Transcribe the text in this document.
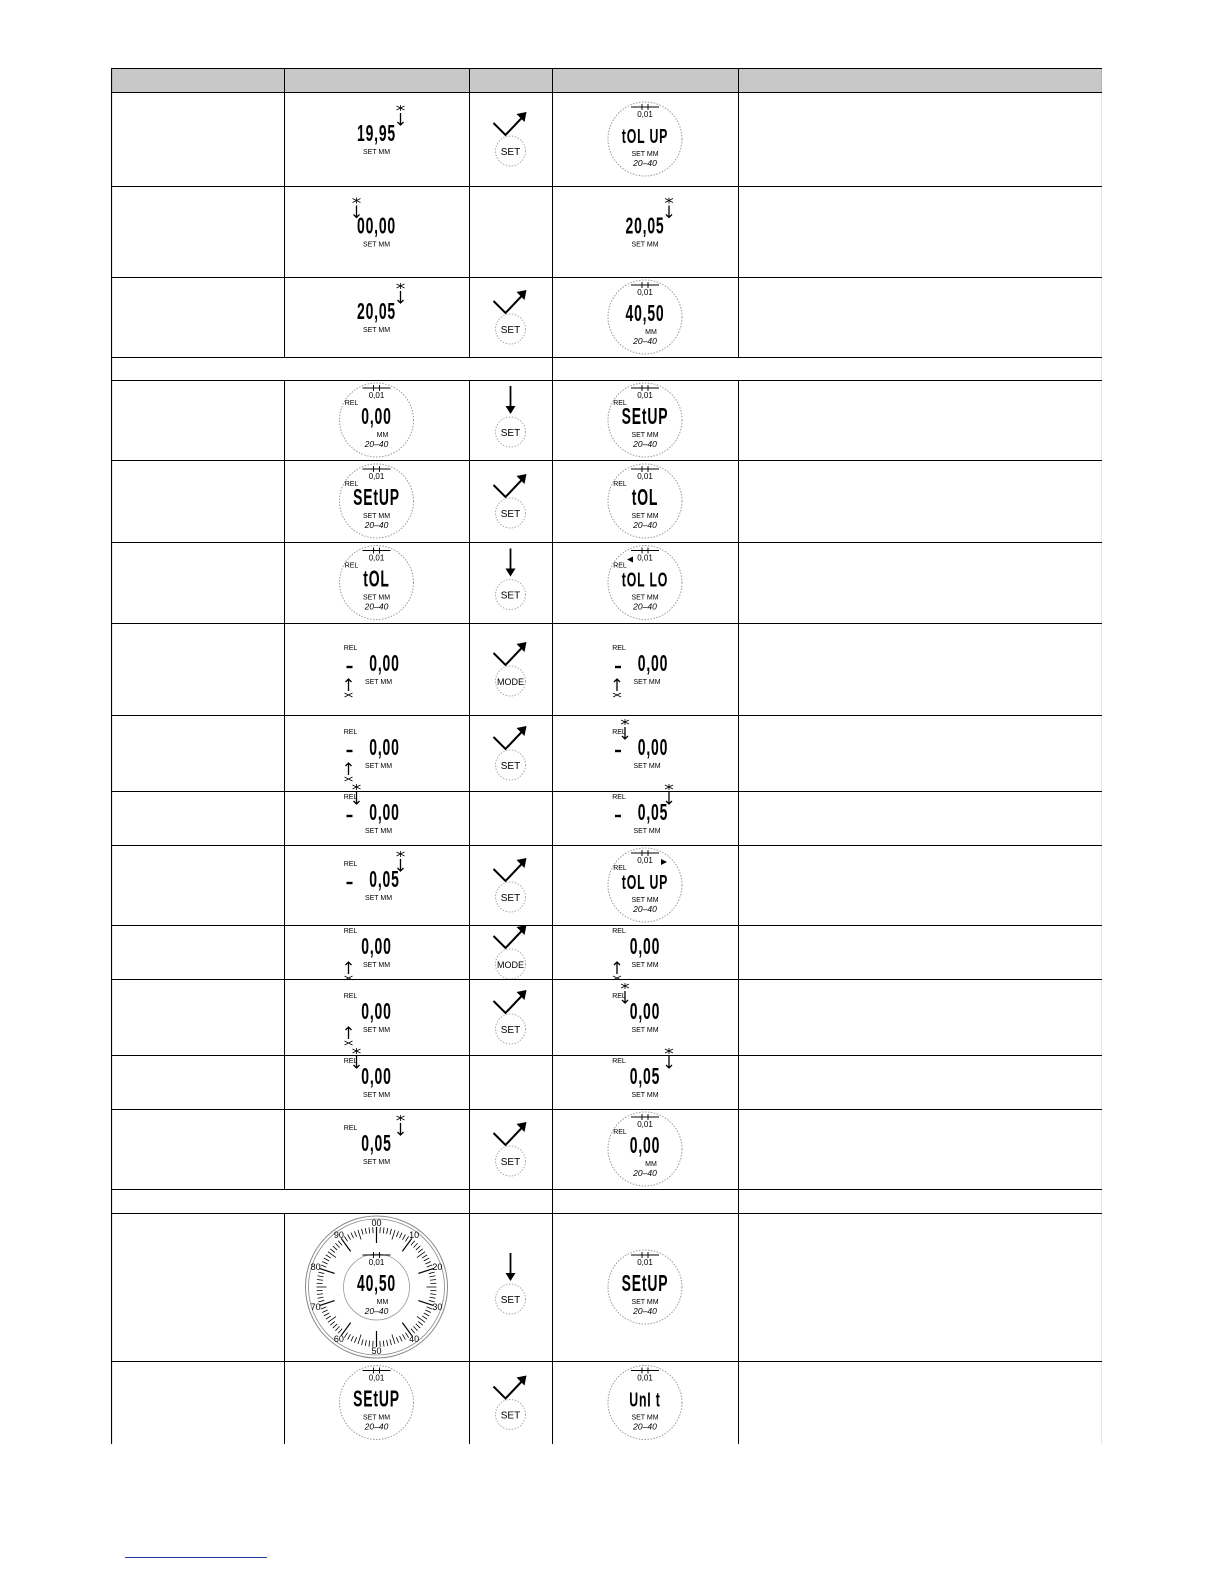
19,95
SET MM
0,01
tOL UP
SET MM
20–40
SET
00,00
SET MM
20,05
SET MM
20,05
SET MM
0,01
40,50
MM
20–40
SET
0,01
REL
0,00
MM
20–40
0,01
REL
SEtUP
SET MM
20–40
SET
0,01
REL
SEtUP
SET MM
20–40
0,01
REL
tOL
SET MM
20–40
SET
0,01
REL
tOL
SET MM
20–40
0,01
REL
tOL LO
SET MM
20–40
SET
REL
0,00
SET MM
REL
0,00
SET MM
MODE
REL
0,00
SET MM
REL
0,00
SET MM
SET
REL
0,00
SET MM
REL
0,05
SET MM
REL
0,05
SET MM
0,01
REL
tOL UP
SET MM
20–40
SET
REL
0,00
SET MM
REL
0,00
SET MM
MODE
REL
0,00
SET MM
REL
0,00
SET MM
SET
REL
0,00
SET MM
REL
0,05
SET MM
REL
0,05
SET MM
0,01
REL
0,00
MM
20–40
SET
00
10
20
30
40
50
60
70
80
90
0,01
40,50
MM
20–40
0,01
SEtUP
SET MM
20–40
SET
0,01
SEtUP
SET MM
20–40
0,01
UnI t
SET MM
20–40
SET
